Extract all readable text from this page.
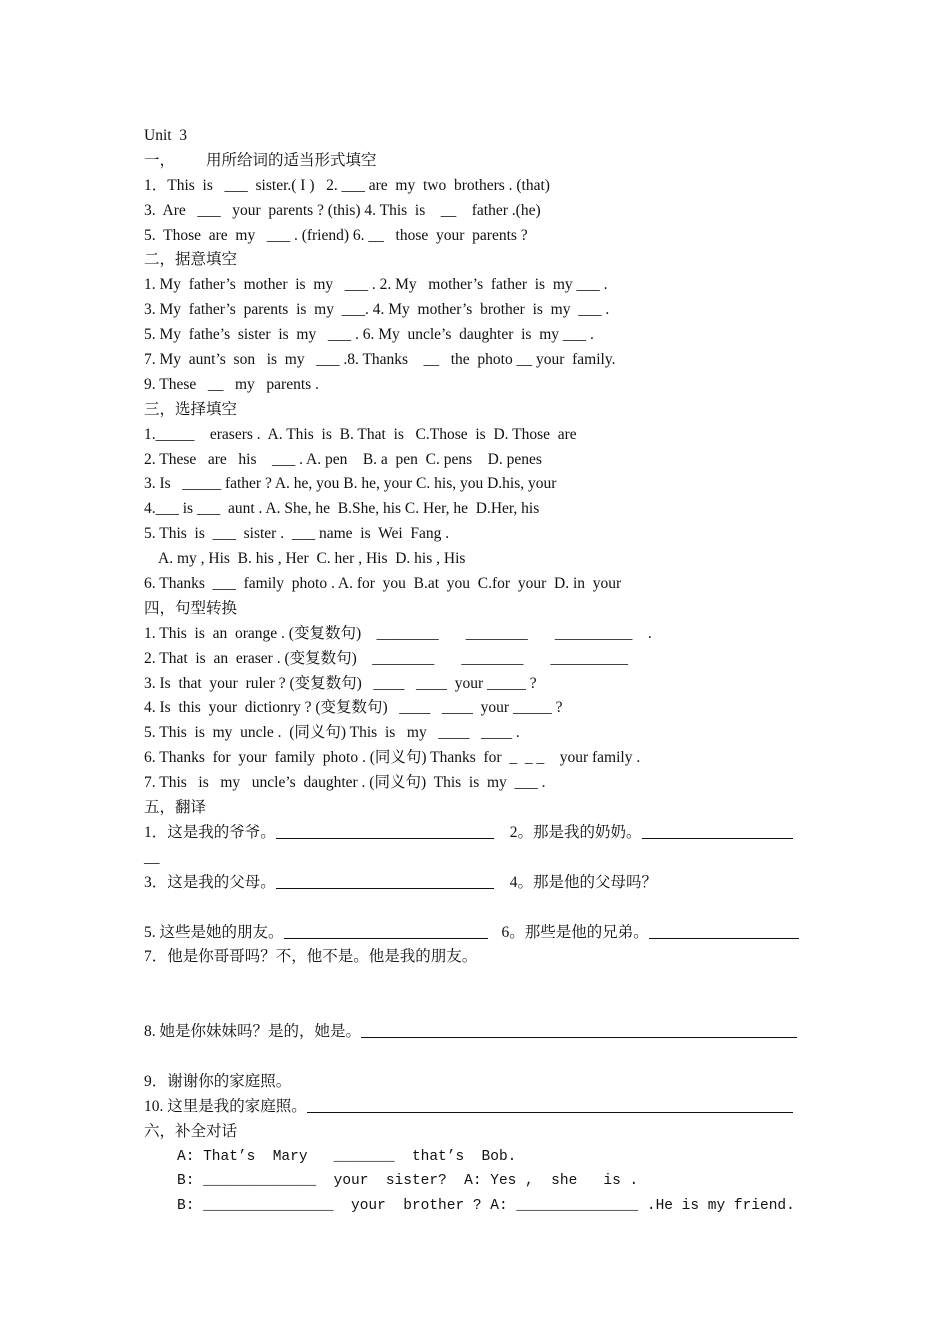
Unit  3
一，        用所给词的适当形式填空
1．This  is   ___  sister.( I )   2. ___ are  my  two  brothers . (that)
3.  Are   ___   your  parents ? (this) 4. This  is    __    father .(he)
5.  Those  are  my   ___ . (friend) 6. __   those  your  parents ?
二，据意填空
1. My  father’s  mother  is  my   ___ . 2. My   mother’s  father  is  my ___ .
3. My  father’s  parents  is  my  ___. 4. My  mother’s  brother  is  my  ___ .
5. My  fathe’s  sister  is  my   ___ . 6. My  uncle’s  daughter  is  my ___ .
7. My  aunt’s  son   is  my   ___ .8. Thanks    __   the  photo __ your  family.
9. These   __   my   parents .
三，选择填空
1._____    erasers .  A. This  is  B. That  is   C.Those  is  D. Those  are
2. These   are   his    ___ . A. pen    B. a  pen  C. pens    D. penes
3. Is   _____ father ? A. he, you B. he, your C. his, you D.his, your
4.___ is ___  aunt . A. She, he  B.She, his C. Her, he  D.Her, his
5. This  is  ___  sister .  ___ name  is  Wei  Fang .
A. my , His  B. his , Her  C. her , His  D. his , His
6. Thanks  ___  family  photo . A. for  you  B.at  you  C.for  your  D. in  your
四，句型转换
1. This  is  an  orange . (变复数句)    ________       ________       __________    .
2. That  is  an  eraser . (变复数句)    ________       ________       __________
3. Is  that  your  ruler ? (变复数句)   ____   ____  your _____ ?
4. Is  this  your  dictionry ? (变复数句)   ____   ____  your _____ ?
5. This  is  my  uncle .  (同义句) This  is   my   ____   ____ .
6. Thanks  for  your  family  photo . (同义句) Thanks  for  _  _ _    your family .
7. This   is   my   uncle’s  daughter . (同义句)  This  is  my  ___ .
五，翻译
1．这是我的爷爷。	2。那是我的奶奶。
__
3．这是我的父母。	4。那是他的父母吗？
5. 这些是她的朋友。	6。那些是他的兄弟。
7．他是你哥哥吗？不，他不是。他是我的朋友。
8. 她是你妹妹吗？是的，她是。
9．谢谢你的家庭照。
10. 这里是我的家庭照。
六，补全对话
A: That’s  Mary   _______  that’s  Bob.
B: _____________  your  sister?  A: Yes ,  she   is .
B: _______________  your  brother ? A: ______________ .He is my friend.
